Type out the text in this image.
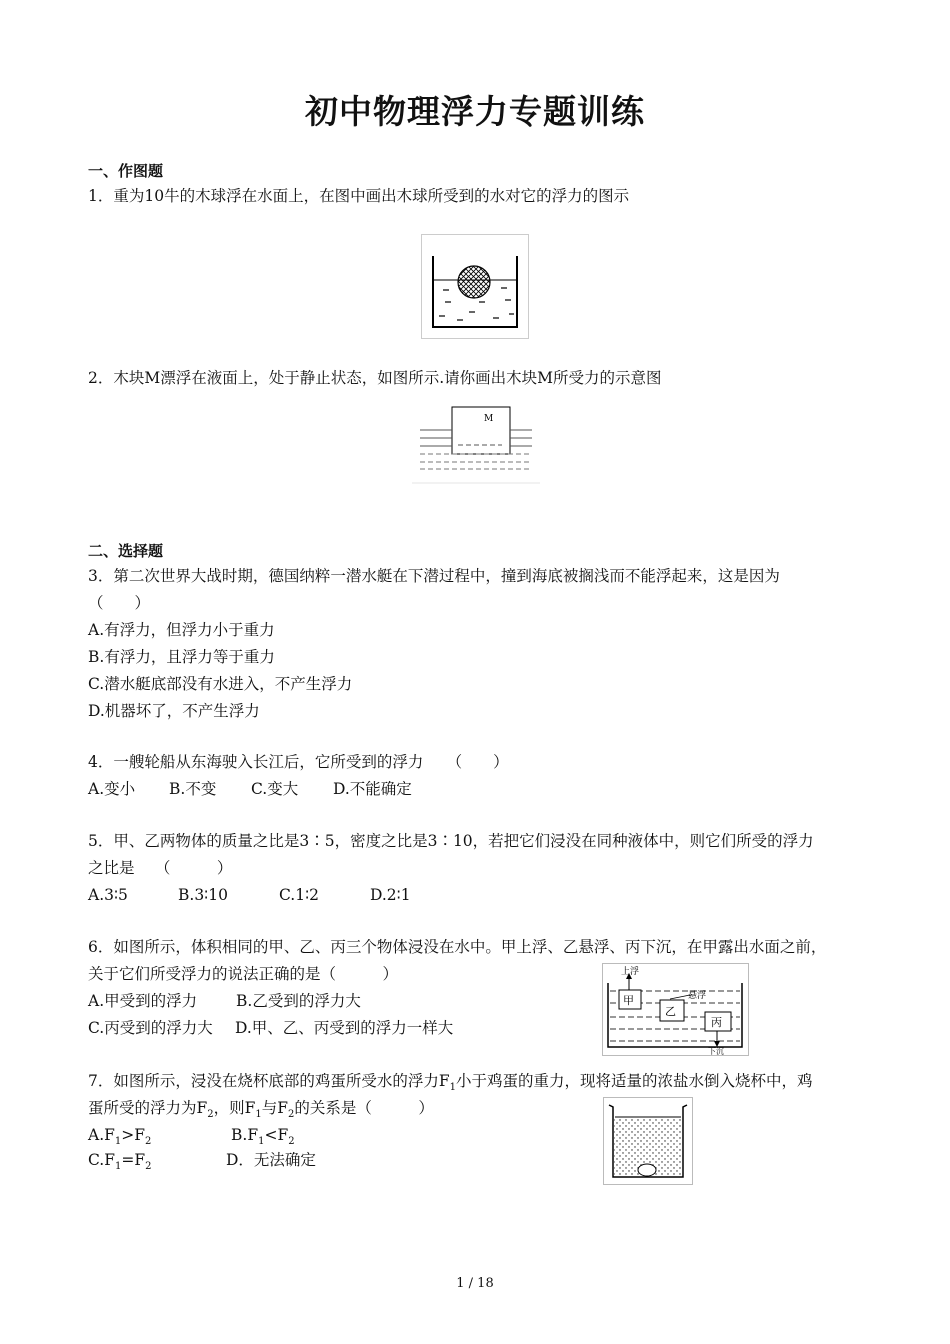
初中物理浮力专题训练
一、作图题
1．重为10牛的木球浮在水面上，在图中画出木球所受到的水对它的浮力的图示
2．木块M漂浮在液面上，处于静止状态，如图所示.请你画出木块M所受力的示意图
M
二、选择题
3．第二次世界大战时期，德国纳粹一潜水艇在下潜过程中，撞到海底被搁浅而不能浮起来，这是因为
（　　）
A.有浮力，但浮力小于重力
B.有浮力，且浮力等于重力
C.潜水艇底部没有水进入，不产生浮力
D.机器坏了，不产生浮力
4．一艘轮船从东海驶入长江后，它所受到的浮力　　（　　）
A.变小 B.不变 C.变大 D.不能确定
5．甲、乙两物体的质量之比是3∶5，密度之比是3∶10，若把它们浸没在同种液体中，则它们所受的浮力
之比是　 （　　　）
A.3∶5	B.3∶10	C.1∶2	D.2∶1
6．如图所示，体积相同的甲、乙、丙三个物体浸没在水中。甲上浮、乙悬浮、丙下沉，在甲露出水面之前，
关于它们所受浮力的说法正确的是（　　　）
A.甲受到的浮力	B.乙受到的浮力大
C.丙受到的浮力大 D.甲、乙、丙受到的浮力一样大
上浮
甲	悬浮
乙
丙
下沉
7．如图所示，浸没在烧杯底部的鸡蛋所受水的浮力$F_1$小于鸡蛋的重力，现将适量的浓盐水倒入烧杯中，鸡
蛋所受的浮力为$F_2$，则$F_1$与$F_2$的关系是（　　　）
$A.F_1>F_2$	$B.F_1<F_2$
$C.F_1=F_2$	D．无法确定
1 / 18
